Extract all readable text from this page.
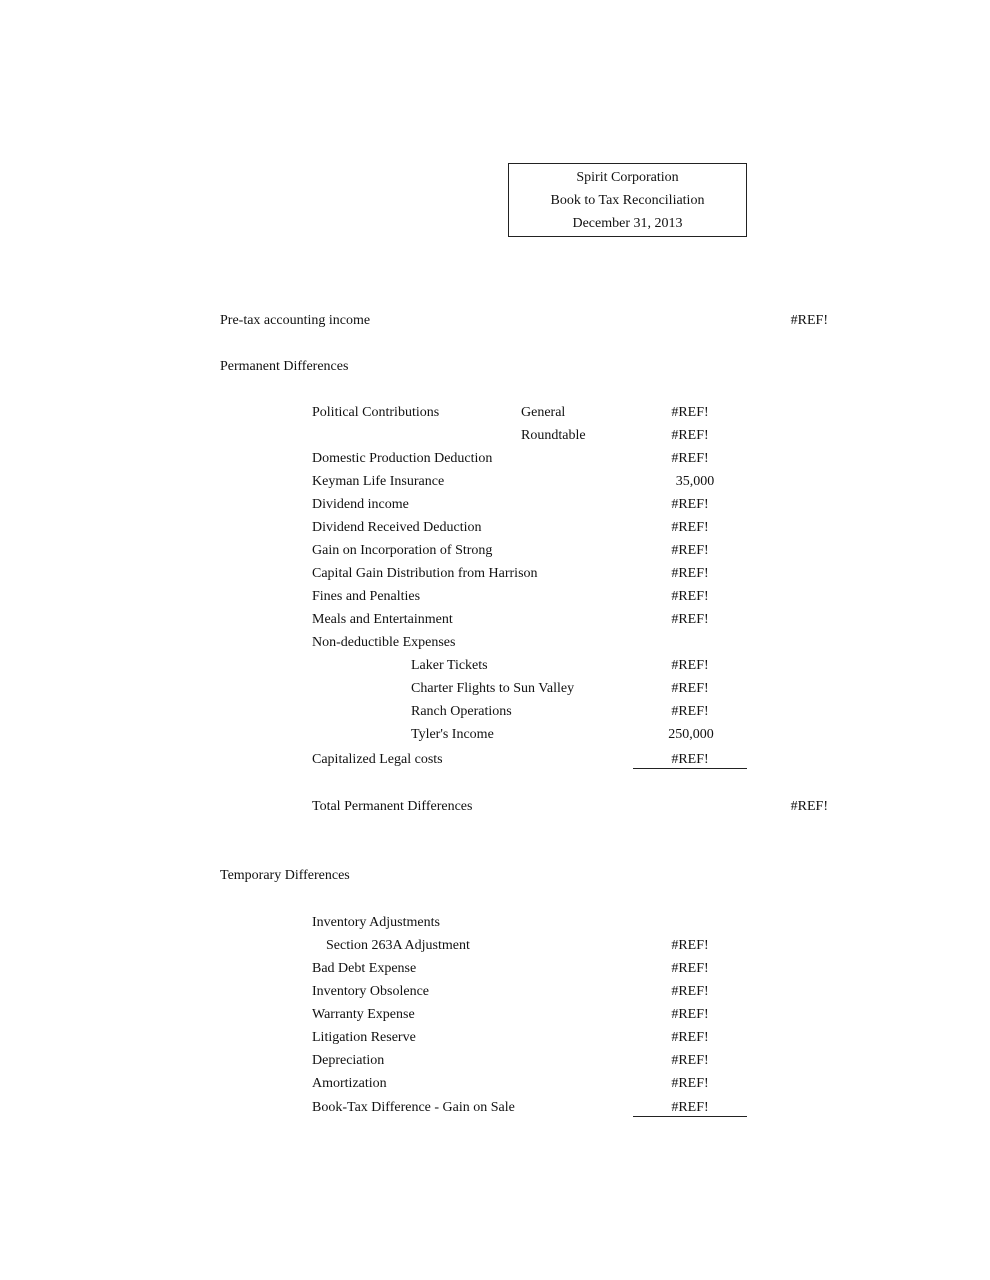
Spirit Corporation
Book to Tax Reconciliation
December 31, 2013
Pre-tax accounting income	#REF!
Permanent Differences
Political Contributions	General	#REF!
Roundtable	#REF!
Domestic Production Deduction	#REF!
Keyman Life Insurance	35,000
Dividend income	#REF!
Dividend Received Deduction	#REF!
Gain on Incorporation of Strong	#REF!
Capital Gain Distribution from Harrison	#REF!
Fines and Penalties	#REF!
Meals and Entertainment	#REF!
Non-deductible Expenses
Laker Tickets	#REF!
Charter Flights to Sun Valley	#REF!
Ranch Operations	#REF!
Tyler's Income	250,000
Capitalized Legal costs	#REF!
Total Permanent Differences	#REF!
Temporary Differences
Inventory Adjustments
Section 263A Adjustment	#REF!
Bad Debt Expense	#REF!
Inventory Obsolence	#REF!
Warranty Expense	#REF!
Litigation Reserve	#REF!
Depreciation	#REF!
Amortization	#REF!
Book-Tax Difference - Gain on Sale	#REF!
